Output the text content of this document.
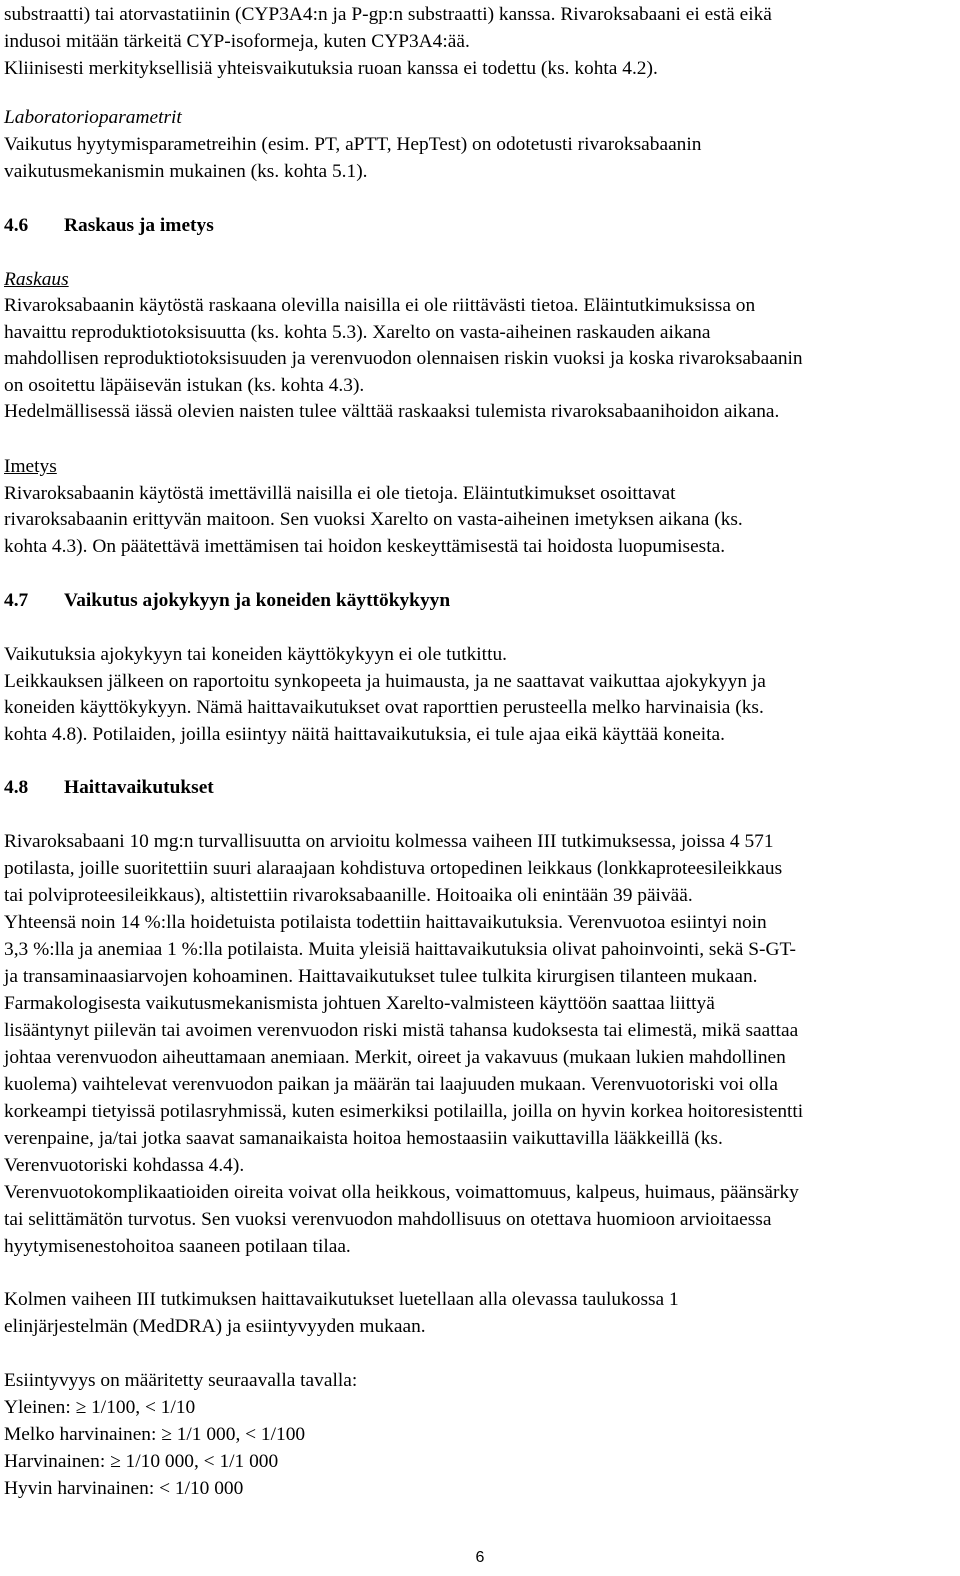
substraatti) tai atorvastatiinin (CYP3A4:n ja P-gp:n substraatti) kanssa. Rivaroksabaani ei estä eikä
indusoi mitään tärkeitä CYP-isoformeja, kuten CYP3A4:ää.
Kliinisesti merkityksellisiä yhteisvaikutuksia ruoan kanssa ei todettu (ks. kohta 4.2).
Laboratorioparametrit
Vaikutus hyytymisparametreihin (esim. PT, aPTT, HepTest) on odotetusti rivaroksabaanin
vaikutusmekanismin mukainen (ks. kohta 5.1).
4.6 Raskaus ja imetys
Raskaus
Rivaroksabaanin käytöstä raskaana olevilla naisilla ei ole riittävästi tietoa. Eläintutkimuksissa on
havaittu reproduktiotoksisuutta (ks. kohta 5.3). Xarelto on vasta-aiheinen raskauden aikana
mahdollisen reproduktiotoksisuuden ja verenvuodon olennaisen riskin vuoksi ja koska rivaroksabaanin
on osoitettu läpäisevän istukan (ks. kohta 4.3).
Hedelmällisessä iässä olevien naisten tulee välttää raskaaksi tulemista rivaroksabaanihoidon aikana.
Imetys
Rivaroksabaanin käytöstä imettävillä naisilla ei ole tietoja. Eläintutkimukset osoittavat
rivaroksabaanin erittyvän maitoon. Sen vuoksi Xarelto on vasta-aiheinen imetyksen aikana (ks.
kohta 4.3). On päätettävä imettämisen tai hoidon keskeyttämisestä tai hoidosta luopumisesta.
4.7 Vaikutus ajokykyyn ja koneiden käyttökykyyn
Vaikutuksia ajokykyyn tai koneiden käyttökykyyn ei ole tutkittu.
Leikkauksen jälkeen on raportoitu synkopeeta ja huimausta, ja ne saattavat vaikuttaa ajokykyyn ja
koneiden käyttökykyyn. Nämä haittavaikutukset ovat raporttien perusteella melko harvinaisia (ks.
kohta 4.8). Potilaiden, joilla esiintyy näitä haittavaikutuksia, ei tule ajaa eikä käyttää koneita.
4.8 Haittavaikutukset
Rivaroksabaani 10 mg:n turvallisuutta on arvioitu kolmessa vaiheen III tutkimuksessa, joissa 4 571
potilasta, joille suoritettiin suuri alaraajaan kohdistuva ortopedinen leikkaus (lonkkaproteesileikkaus
tai polviproteesileikkaus), altistettiin rivaroksabaanille. Hoitoaika oli enintään 39 päivää.
Yhteensä noin 14 %:lla hoidetuista potilaista todettiin haittavaikutuksia. Verenvuotoa esiintyi noin
3,3 %:lla ja anemiaa 1 %:lla potilaista. Muita yleisiä haittavaikutuksia olivat pahoinvointi, sekä S-GT-
ja transaminaasiarvojen kohoaminen. Haittavaikutukset tulee tulkita kirurgisen tilanteen mukaan.
Farmakologisesta vaikutusmekanismista johtuen Xarelto-valmisteen käyttöön saattaa liittyä
lisääntynyt piilevän tai avoimen verenvuodon riski mistä tahansa kudoksesta tai elimestä, mikä saattaa
johtaa verenvuodon aiheuttamaan anemiaan. Merkit, oireet ja vakavuus (mukaan lukien mahdollinen
kuolema) vaihtelevat verenvuodon paikan ja määrän tai laajuuden mukaan. Verenvuotoriski voi olla
korkeampi tietyissä potilasryhmissä, kuten esimerkiksi potilailla, joilla on hyvin korkea hoitoresistentti
verenpaine, ja/tai jotka saavat samanaikaista hoitoa hemostaasiin vaikuttavilla lääkkeillä (ks.
Verenvuotoriski kohdassa 4.4).
Verenvuotokomplikaatioiden oireita voivat olla heikkous, voimattomuus, kalpeus, huimaus, päänsärky
tai selittämätön turvotus. Sen vuoksi verenvuodon mahdollisuus on otettava huomioon arvioitaessa
hyytymisenestohoitoa saaneen potilaan tilaa.
Kolmen vaiheen III tutkimuksen haittavaikutukset luetellaan alla olevassa taulukossa 1
elinjärjestelmän (MedDRA) ja esiintyvyyden mukaan.
Esiintyvyys on määritetty seuraavalla tavalla:
Yleinen: ≥ 1/100, < 1/10
Melko harvinainen: ≥ 1/1 000, < 1/100
Harvinainen: ≥ 1/10 000, < 1/1 000
Hyvin harvinainen: < 1/10 000
6
